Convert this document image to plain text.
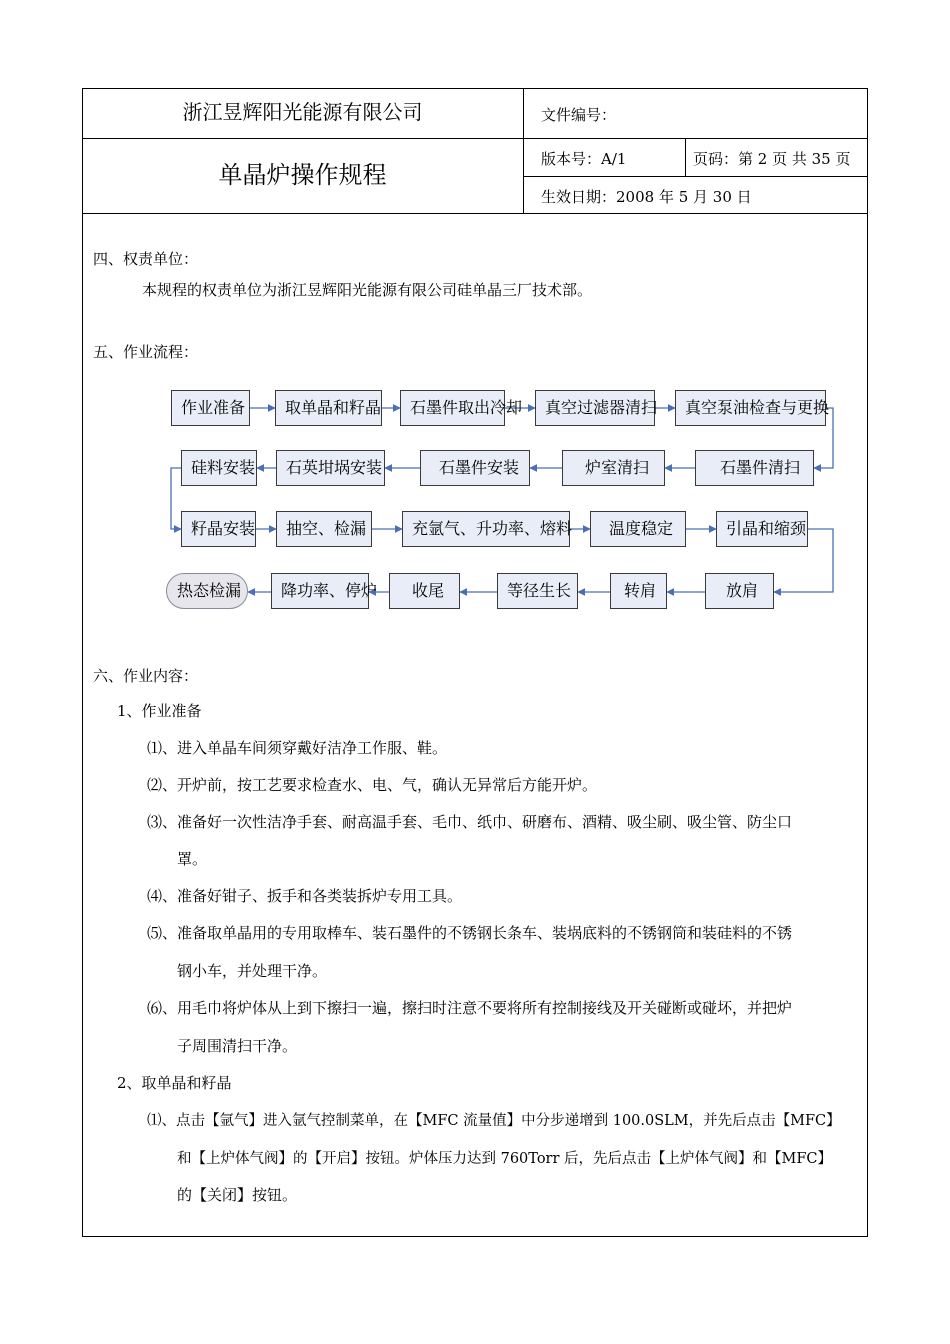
浙江昱辉阳光能源有限公司
单晶炉操作规程
文件编号：
版本号：A/1	页码：第 2 页 共 35 页
生效日期：2008 年 5 月 30 日
四、权责单位：
本规程的权责单位为浙江昱辉阳光能源有限公司硅单晶三厂技术部。
五、作业流程：
作业准备	取单晶和籽晶	石墨件取出冷却	真空过滤器清扫	真空泵油检查与更换
石墨件清扫
炉室清扫
石墨件安装
石英坩埚安装
硅料安装
籽晶安装	抽空、检漏	充氩气、升功率、熔料	温度稳定	引晶和缩颈
放肩
转肩
等径生长
收尾
降功率、停炉
热态检漏
六、作业内容：
1、作业准备
⑴、进入单晶车间须穿戴好洁净工作服、鞋。
⑵、开炉前，按工艺要求检查水、电、气，确认无异常后方能开炉。
⑶、准备好一次性洁净手套、耐高温手套、毛巾、纸巾、研磨布、酒精、吸尘刷、吸尘管、防尘口
罩。
⑷、准备好钳子、扳手和各类装拆炉专用工具。
⑸、准备取单晶用的专用取棒车、装石墨件的不锈钢长条车、装埚底料的不锈钢筒和装硅料的不锈
钢小车，并处理干净。
⑹、用毛巾将炉体从上到下擦扫一遍，擦扫时注意不要将所有控制接线及开关碰断或碰坏，并把炉
子周围清扫干净。
2、取单晶和籽晶
⑴、点击【氩气】进入氩气控制菜单，在【MFC 流量值】中分步递增到 100.0SLM，并先后点击【MFC】
和【上炉体气阀】的【开启】按钮。炉体压力达到 760Torr 后，先后点击【上炉体气阀】和【MFC】
的【关闭】按钮。
